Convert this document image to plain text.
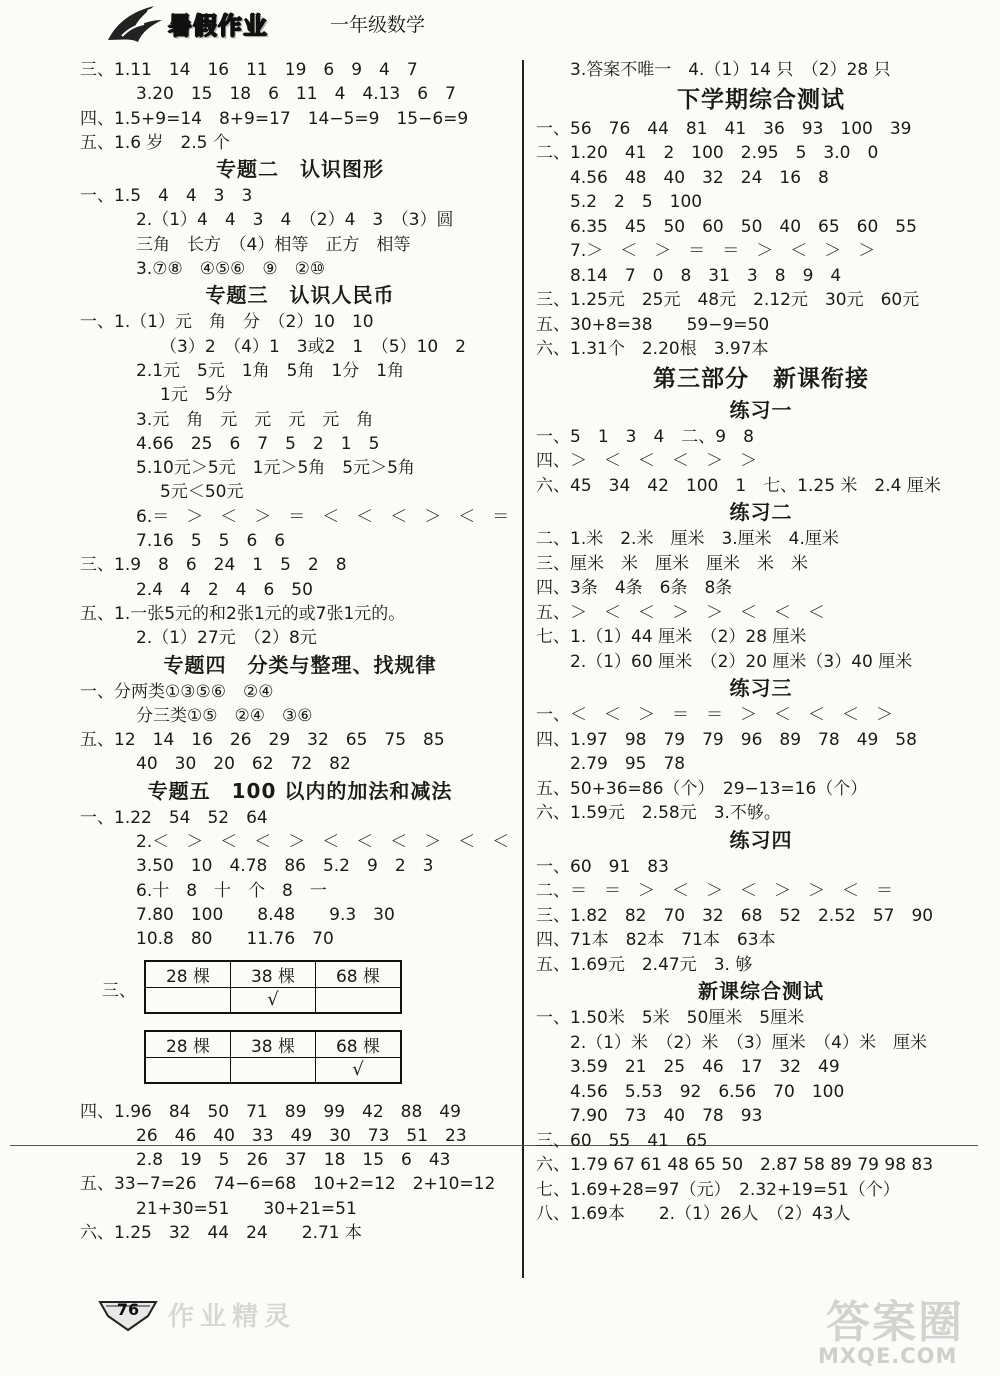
暑假作业	一年级数学
三、1.11　14　16　11　19　6　9　4　7
3.20　15　18　6　11　4　4.13　6　7
四、1.5+9=14　8+9=17　14−5=9　15−6=9
五、1.6 岁　2.5 个
专题二　认识图形
一、1.5　4　4　3　3
2.（1）4　4　3　4　（2）4　3　（3）圆
三角　长方　（4）相等　正方　相等
3.⑦⑧　④⑤⑥　⑨　②⑩
专题三　认识人民币
一、1.（1）元　角　分　（2）10　10
（3）2　（4）1　3或2　1　（5）10　2
2.1元　5元　1角　5角　1分　1角
1元　5分
3.元　角　元　元　元　元　角
4.66　25　6　7　5　2　1　5
5.10元＞5元　1元＞5角　5元＞5角
5元＜50元
6.＝　＞　＜　＞　＝　＜　＜　＜　＞　＜　＝
7.16　5　5　6　6
三、1.9　8　6　24　1　5　2　8
2.4　4　2　4　6　50
五、1.一张5元的和2张1元的或7张1元的。
2.（1）27元　（2）8元
专题四　分类与整理、找规律
一、分两类①③⑤⑥　②④
分三类①⑤　②④　③⑥
五、12　14　16　26　29　32　65　75　85
40　30　20　62　72　82
专题五　100 以内的加法和减法
一、1.22　54　52　64
2.＜　＞　＜　＜　＞　＜　＜　＜　＞　＜　＜
3.50　10　4.78　86　5.2　9　2　3
6.十　8　十　个　8　一
7.80　100　　8.48　　9.3　30
10.8　80　　11.76　70
三、
28 棵	38 棵	68 棵
	√	
28 棵	38 棵	68 棵
		√
四、1.96　84　50　71　89　99　42　88　49
26　46　40　33　49　30　73　51　23
2.8　19　5　26　37　18　15　6　43
五、33−7=26　74−6=68　10+2=12　2+10=12
21+30=51　　30+21=51
六、1.25　32　44　24　　2.71 本
3.答案不唯一　4.（1）14 只　（2）28 只
下学期综合测试
一、56　76　44　81　41　36　93　100　39
二、1.20　41　2　100　2.95　5　3.0　0
4.56　48　40　32　24　16　8
5.2　2　5　100
6.35　45　50　60　50　40　65　60　55
7.＞　＜　＞　＝　＝　＞　＜　＞　＞
8.14　7　0　8　31　3　8　9　4
三、1.25元　25元　48元　2.12元　30元　60元
五、30+8=38　　59−9=50
六、1.31个　2.20根　3.97本
第三部分　新课衔接
练习一
一、5　1　3　4　二、9　8
四、＞　＜　＜　＜　＞　＞
六、45　34　42　100　1　七、1.25 米　2.4 厘米
练习二
二、1.米　2.米　厘米　3.厘米　4.厘米
三、厘米　米　厘米　厘米　米　米
四、3条　4条　6条　8条
五、＞　＜　＜　＞　＞　＜　＜　＜
七、1.（1）44 厘米　（2）28 厘米
2.（1）60 厘米　（2）20 厘米（3）40 厘米
练习三
一、＜　＜　＞　＝　＝　＞　＜　＜　＜　＞
四、1.97　98　79　79　96　89　78　49　58
2.79　95　78
五、50+36=86（个）　29−13=16（个）
六、1.59元　2.58元　3.不够。
练习四
一、60　91　83
二、＝　＝　＞　＜　＞　＜　＞　＞　＜　＝
三、1.82　82　70　32　68　52　2.52　57　90
四、71本　82本　71本　63本
五、1.69元　2.47元　3. 够
新课综合测试
一、1.50米　5米　50厘米　5厘米
2.（1）米　（2）米　（3）厘米　（4）米　厘米
3.59　21　25　46　17　32　49
4.56　5.53　92　6.56　70　100
7.90　73　40　78　93
三、60　55　41　65
六、1.79 67 61 48 65 50　2.87 58 89 79 98 83
七、1.69+28=97（元）　2.32+19=51（个）
八、1.69本　　2.（1）26人　（2）43人
76	作业精灵	答案圈
MXQE.COM
